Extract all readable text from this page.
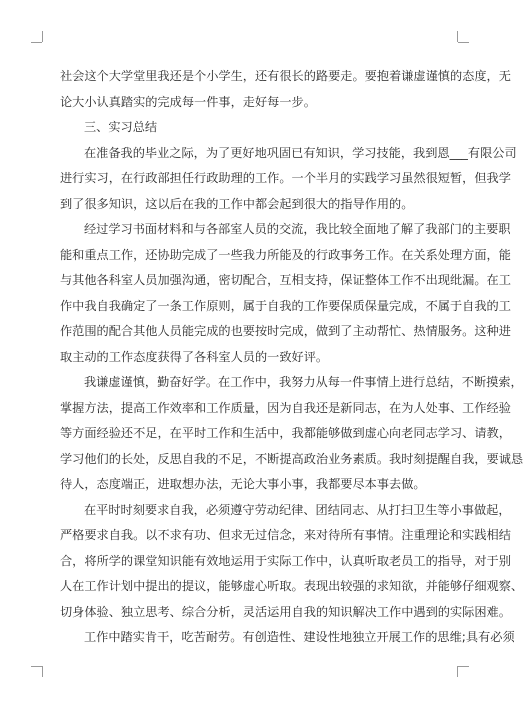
社会这个大学堂里我还是个小学生，还有很长的路要走。要抱着谦虚谨慎的态度，无
论大小认真踏实的完成每一件事，走好每一步。
三、实习总结
在准备我的毕业之际，为了更好地巩固已有知识，学习技能，我到恩___有限公司
进行实习，在行政部担任行政助理的工作。一个半月的实践学习虽然很短暂，但我学
到了很多知识，这以后在我的工作中都会起到很大的指导作用的。
经过学习书面材料和与各部室人员的交流，我比较全面地了解了我部门的主要职
能和重点工作，还协助完成了一些我力所能及的行政事务工作。在关系处理方面，能
与其他各科室人员加强沟通，密切配合，互相支持，保证整体工作不出现纰漏。在工
作中我自我确定了一条工作原则，属于自我的工作要保质保量完成，不属于自我的工
作范围的配合其他人员能完成的也要按时完成，做到了主动帮忙、热情服务。这种进
取主动的工作态度获得了各科室人员的一致好评。
我谦虚谨慎，勤奋好学。在工作中，我努力从每一件事情上进行总结，不断摸索，
掌握方法，提高工作效率和工作质量，因为自我还是新同志，在为人处事、工作经验
等方面经验还不足，在平时工作和生活中，我都能够做到虚心向老同志学习、请教，
学习他们的长处，反思自我的不足，不断提高政治业务素质。我时刻提醒自我，要诚恳
待人，态度端正，进取想办法，无论大事小事，我都要尽本事去做。
在平时时刻要求自我，必须遵守劳动纪律、团结同志、从打扫卫生等小事做起，
严格要求自我。以不求有功、但求无过信念，来对待所有事情。注重理论和实践相结
合，将所学的课堂知识能有效地运用于实际工作中，认真听取老员工的指导，对于别
人在工作计划中提出的提议，能够虚心听取。表现出较强的求知欲，并能够仔细观察、
切身体验、独立思考、综合分析，灵活运用自我的知识解决工作中遇到的实际困难。
工作中踏实肯干，吃苦耐劳。有创造性、建设性地独立开展工作的思维;具有必须
